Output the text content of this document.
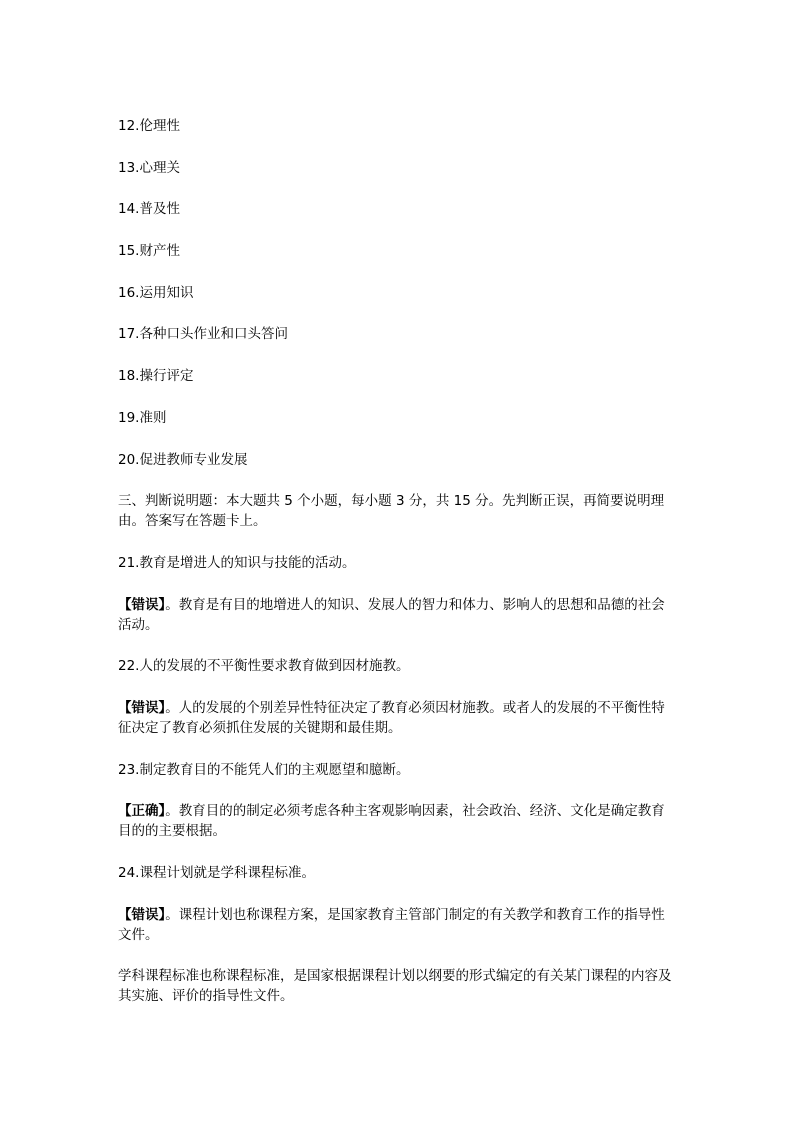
12.伦理性

13.心理关

14.普及性

15.财产性

16.运用知识

17.各种口头作业和口头答问

18.操行评定

19.准则

20.促进教师专业发展

三、判断说明题：本大题共 5 个小题，每小题 3 分，共 15 分。先判断正误，再简要说明理由。答案写在答题卡上。

21.教育是增进人的知识与技能的活动。

【错误】。教育是有目的地增进人的知识、发展人的智力和体力、影响人的思想和品德的社会活动。

22.人的发展的不平衡性要求教育做到因材施教。

【错误】。人的发展的个别差异性特征决定了教育必须因材施教。或者人的发展的不平衡性特征决定了教育必须抓住发展的关键期和最佳期。

23.制定教育目的不能凭人们的主观愿望和臆断。

【正确】。教育目的的制定必须考虑各种主客观影响因素，社会政治、经济、文化是确定教育目的的主要根据。

24.课程计划就是学科课程标准。

【错误】。课程计划也称课程方案，是国家教育主管部门制定的有关教学和教育工作的指导性文件。

学科课程标准也称课程标准，是国家根据课程计划以纲要的形式编定的有关某门课程的内容及其实施、评价的指导性文件。
